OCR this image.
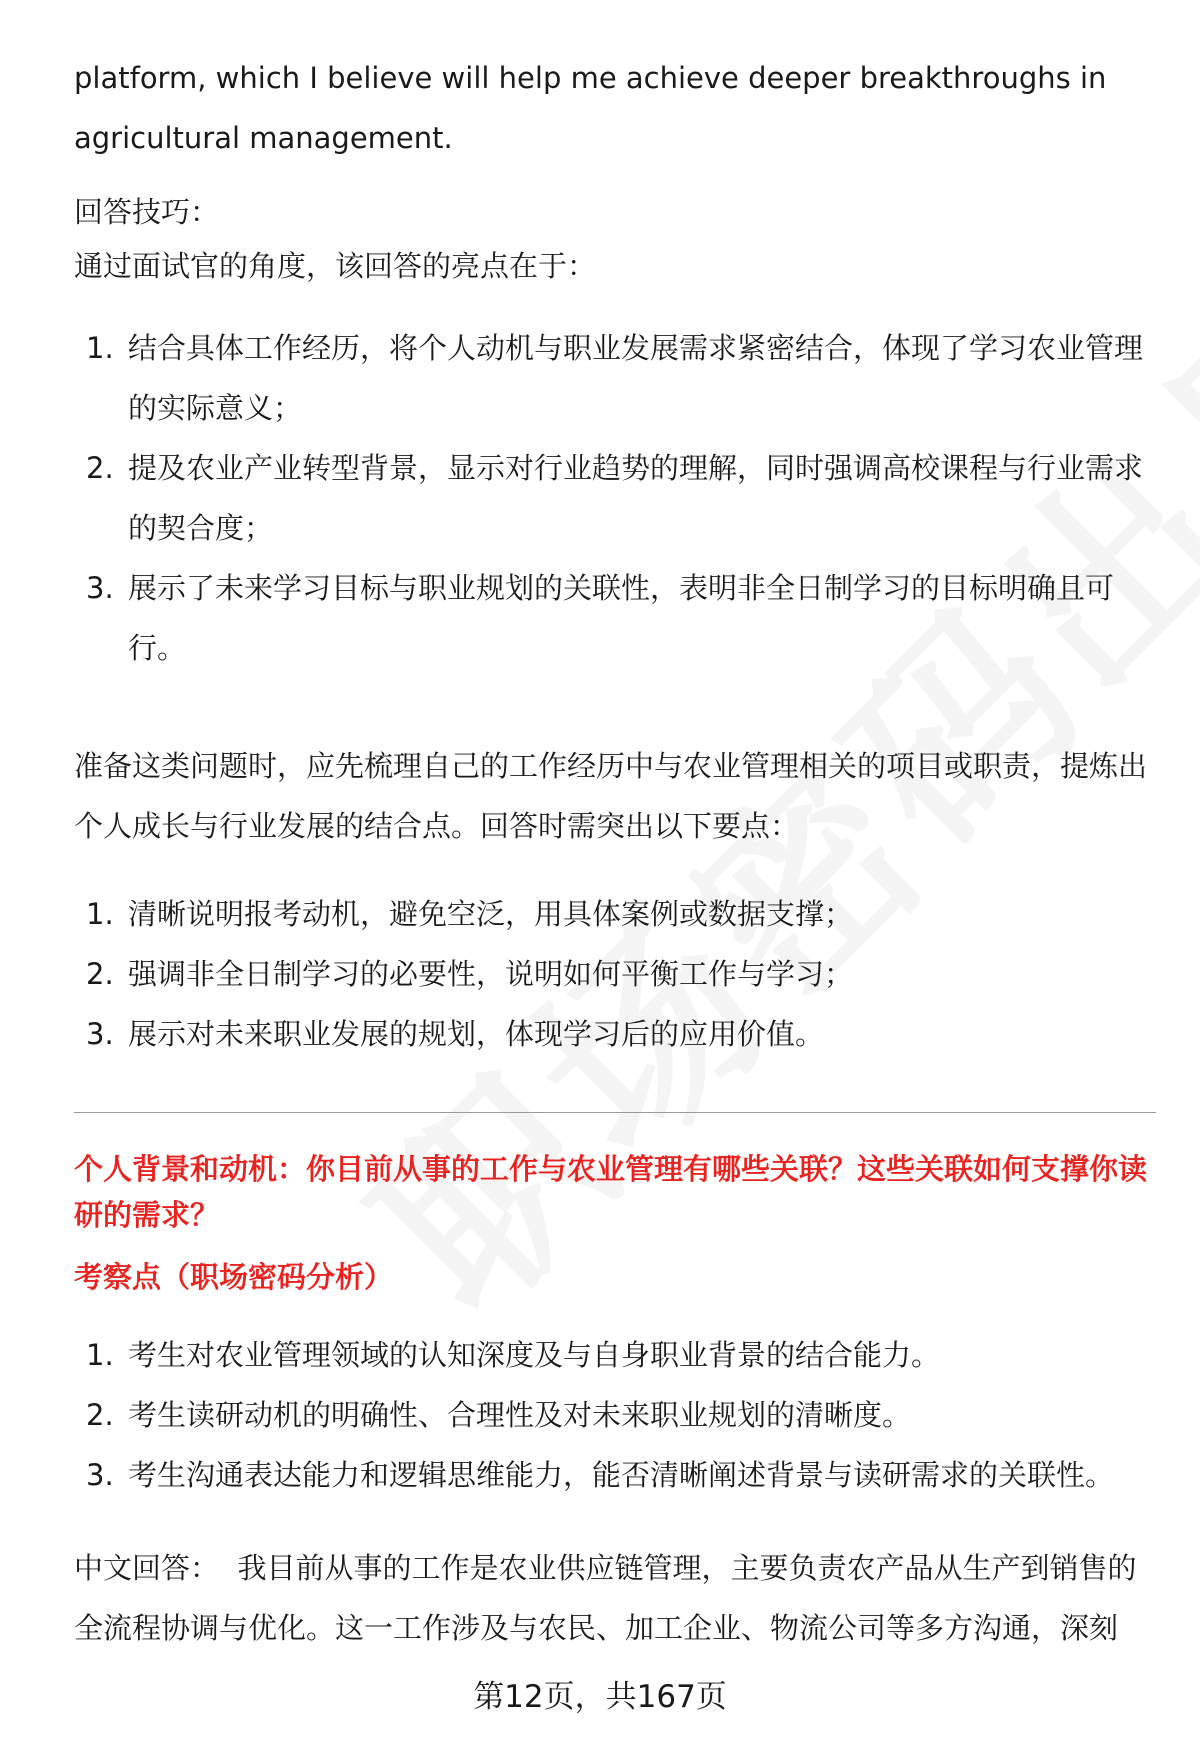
platform, which I believe will help me achieve deeper breakthroughs in agricultural management.

回答技巧：

通过面试官的角度，该回答的亮点在于：

1. 结合具体工作经历，将个人动机与职业发展需求紧密结合，体现了学习农业管理的实际意义；
2. 提及农业产业转型背景，显示对行业趋势的理解，同时强调高校课程与行业需求的契合度；
3. 展示了未来学习目标与职业规划的关联性，表明非全日制学习的目标明确且可行。

准备这类问题时，应先梳理自己的工作经历中与农业管理相关的项目或职责，提炼出个人成长与行业发展的结合点。回答时需突出以下要点：

1. 清晰说明报考动机，避免空泛，用具体案例或数据支撑；
2. 强调非全日制学习的必要性，说明如何平衡工作与学习；
3. 展示对未来职业发展的规划，体现学习后的应用价值。
个人背景和动机：你目前从事的工作与农业管理有哪些关联？这些关联如何支撑你读研的需求？
考察点（职场密码分析）
1. 考生对农业管理领域的认知深度及与自身职业背景的结合能力。
2. 考生读研动机的明确性、合理性及对未来职业规划的清晰度。
3. 考生沟通表达能力和逻辑思维能力，能否清晰阐述背景与读研需求的关联性。

中文回答： 我目前从事的工作是农业供应链管理，主要负责农产品从生产到销售的全流程协调与优化。这一工作涉及与农民、加工企业、物流公司等多方沟通，深刻

第12页，共167页
